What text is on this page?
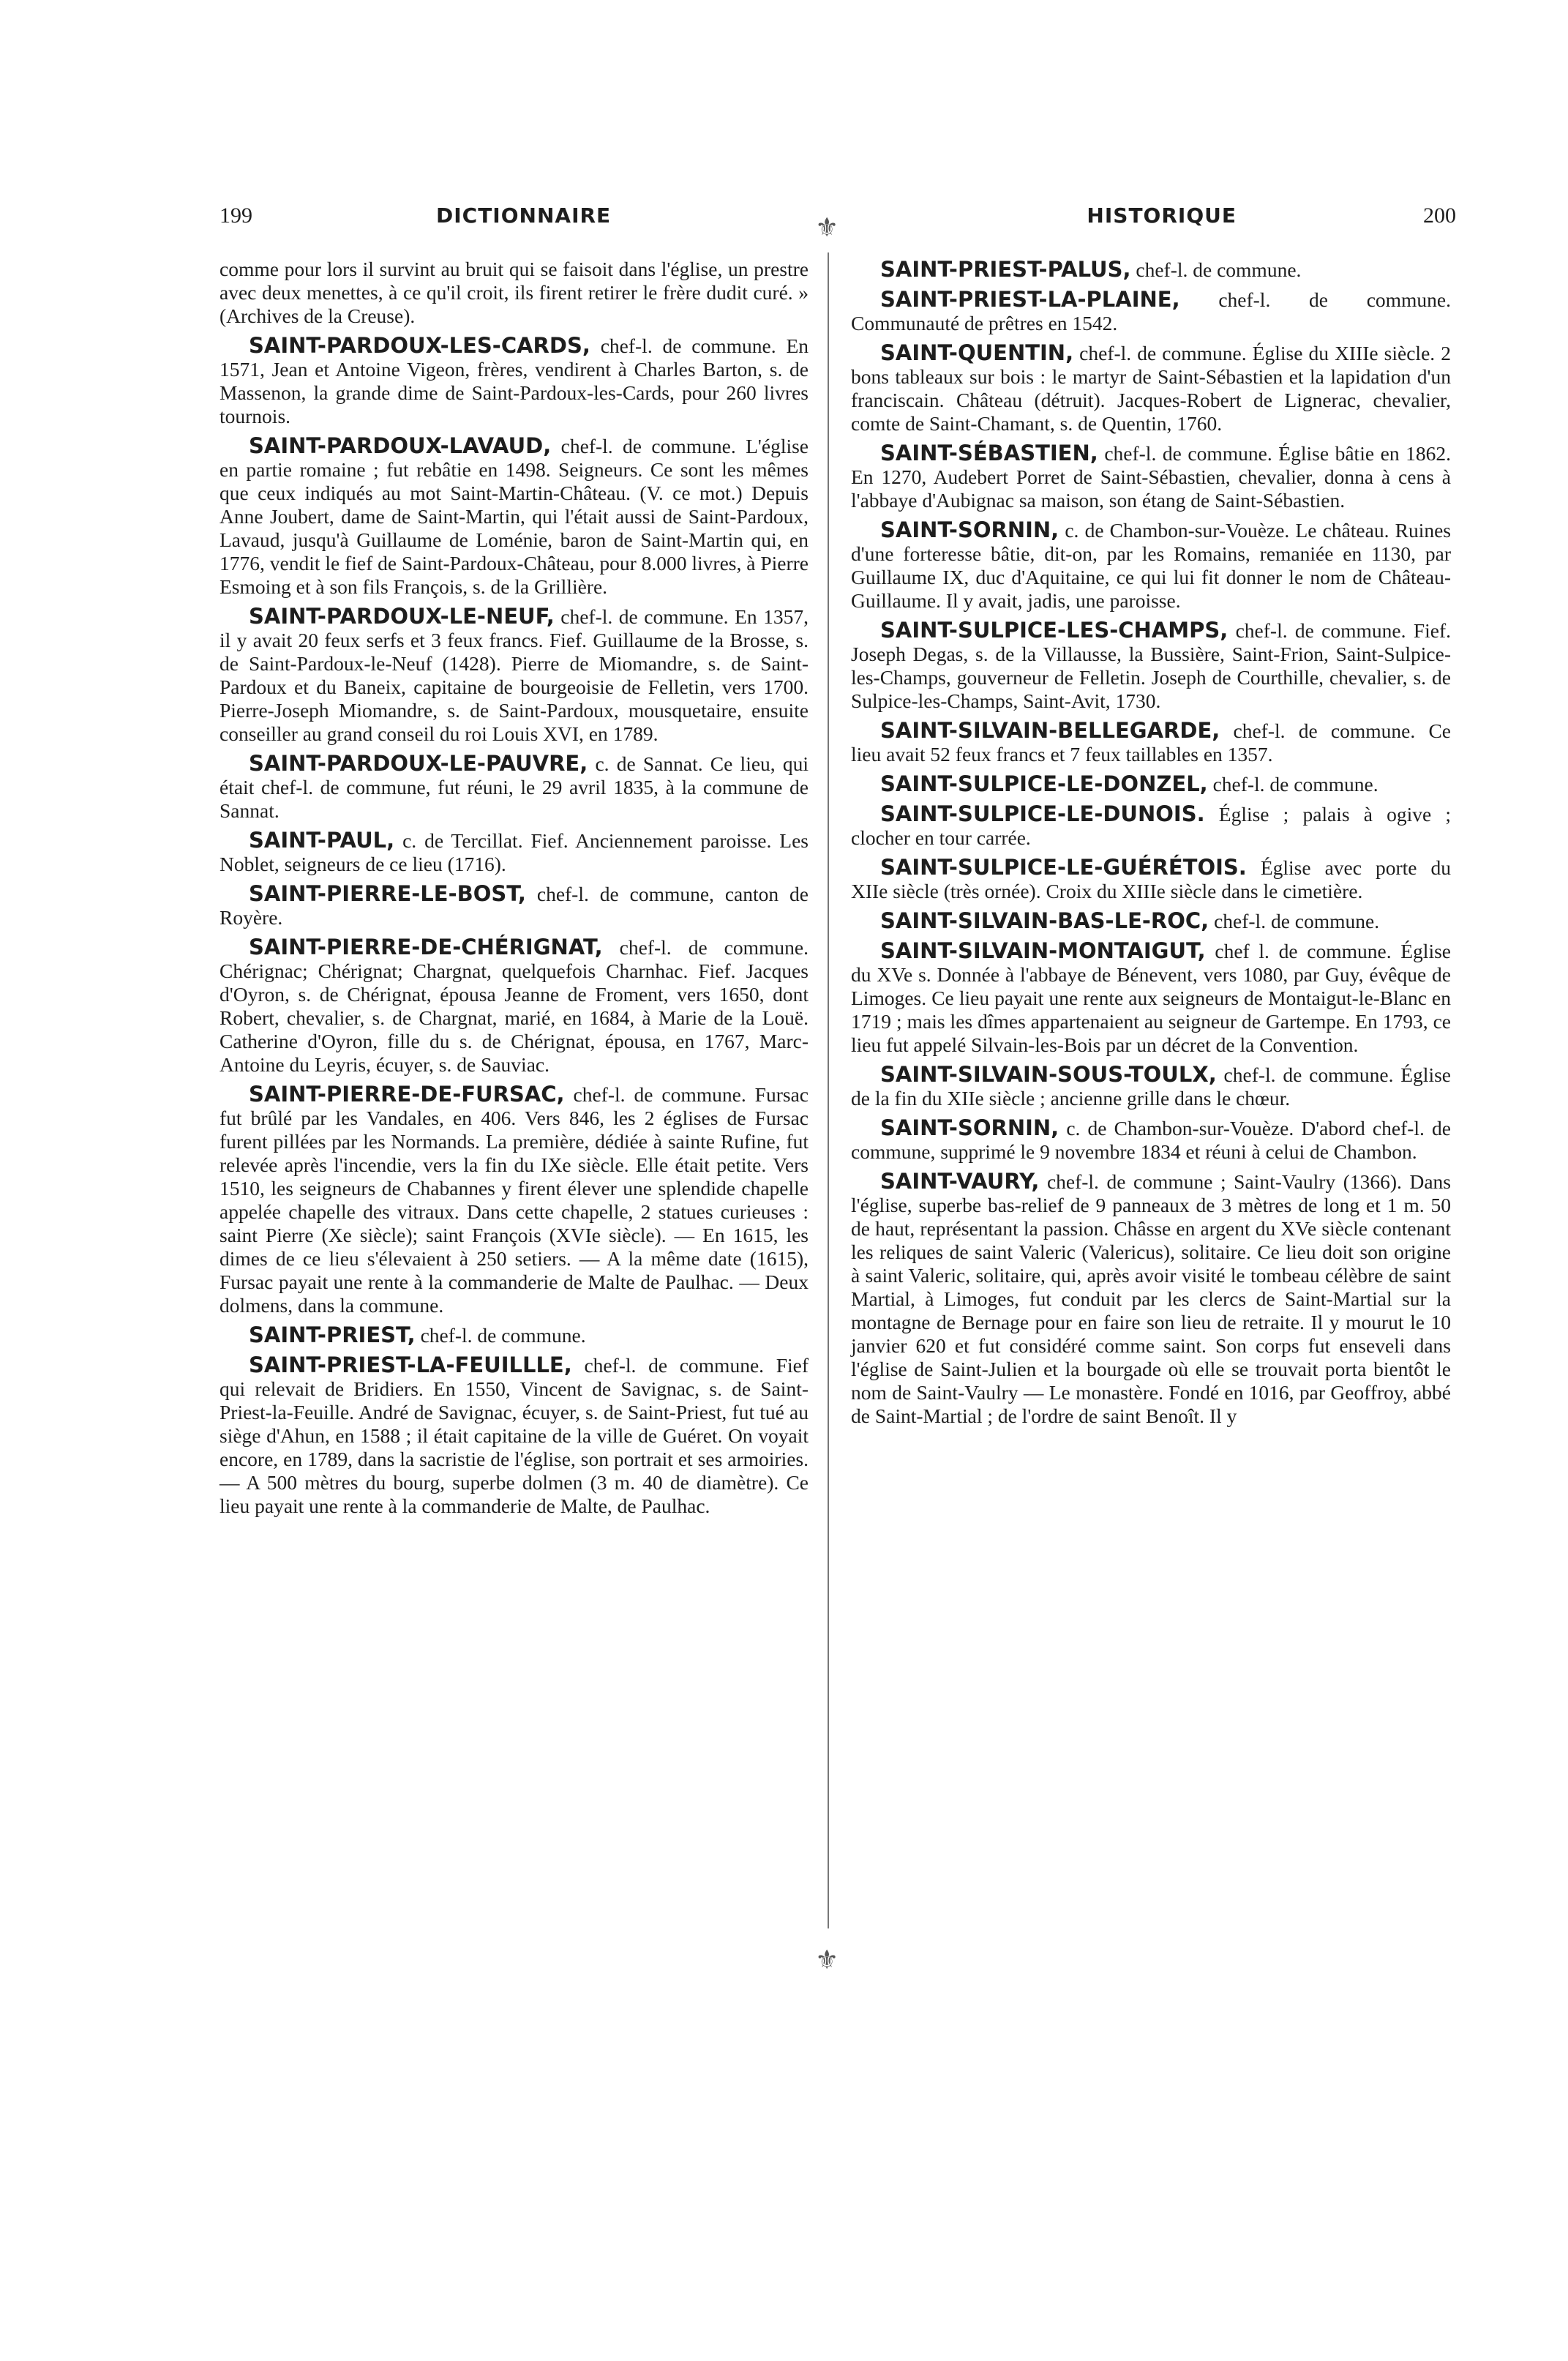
199	DICTIONNAIRE	HISTORIQUE	200
⚜
⚜

comme pour lors il survint au bruit qui se faisoit dans l'église, un prestre avec deux menettes, à ce qu'il croit, ils firent retirer le frère dudit curé. » (Archives de la Creuse).

SAINT-PARDOUX-LES-CARDS, chef-l. de commune. En 1571, Jean et Antoine Vigeon, frères, vendirent à Charles Barton, s. de Massenon, la grande dime de Saint-Pardoux-les-Cards, pour 260 livres tournois.

SAINT-PARDOUX-LAVAUD, chef-l. de commune. L'église en partie romaine ; fut rebâtie en 1498. Seigneurs. Ce sont les mêmes que ceux indiqués au mot Saint-Martin-Château. (V. ce mot.) Depuis Anne Joubert, dame de Saint-Martin, qui l'était aussi de Saint-Pardoux, Lavaud, jusqu'à Guillaume de Loménie, baron de Saint-Martin qui, en 1776, vendit le fief de Saint-Pardoux-Château, pour 8.000 livres, à Pierre Esmoing et à son fils François, s. de la Grillière.

SAINT-PARDOUX-LE-NEUF, chef-l. de commune. En 1357, il y avait 20 feux serfs et 3 feux francs. Fief. Guillaume de la Brosse, s. de Saint-Pardoux-le-Neuf (1428). Pierre de Miomandre, s. de Saint-Pardoux et du Baneix, capitaine de bourgeoisie de Felletin, vers 1700. Pierre-Joseph Miomandre, s. de Saint-Pardoux, mousquetaire, ensuite conseiller au grand conseil du roi Louis XVI, en 1789.

SAINT-PARDOUX-LE-PAUVRE, c. de Sannat. Ce lieu, qui était chef-l. de commune, fut réuni, le 29 avril 1835, à la commune de Sannat.

SAINT-PAUL, c. de Tercillat. Fief. Anciennement paroisse. Les Noblet, seigneurs de ce lieu (1716).

SAINT-PIERRE-LE-BOST, chef-l. de commune, canton de Royère.

SAINT-PIERRE-DE-CHÉRIGNAT, chef-l. de commune. Chérignac; Chérignat; Chargnat, quelquefois Charnhac. Fief. Jacques d'Oyron, s. de Chérignat, épousa Jeanne de Froment, vers 1650, dont Robert, chevalier, s. de Chargnat, marié, en 1684, à Marie de la Louë. Catherine d'Oyron, fille du s. de Chérignat, épousa, en 1767, Marc-Antoine du Leyris, écuyer, s. de Sauviac.

SAINT-PIERRE-DE-FURSAC, chef-l. de commune. Fursac fut brûlé par les Vandales, en 406. Vers 846, les 2 églises de Fursac furent pillées par les Normands. La première, dédiée à sainte Rufine, fut relevée après l'incendie, vers la fin du IXe siècle. Elle était petite. Vers 1510, les seigneurs de Chabannes y firent élever une splendide chapelle appelée chapelle des vitraux. Dans cette chapelle, 2 statues curieuses : saint Pierre (Xe siècle); saint François (XVIe siècle). — En 1615, les dimes de ce lieu s'élevaient à 250 setiers. — A la même date (1615), Fursac payait une rente à la commanderie de Malte de Paulhac. — Deux dolmens, dans la commune.

SAINT-PRIEST, chef-l. de commune.

SAINT-PRIEST-LA-FEUILLLE, chef-l. de commune. Fief qui relevait de Bridiers. En 1550, Vincent de Savignac, s. de Saint-Priest-la-Feuille. André de Savignac, écuyer, s. de Saint-Priest, fut tué au siège d'Ahun, en 1588 ; il était capitaine de la ville de Guéret. On voyait encore, en 1789, dans la sacristie de l'église, son portrait et ses armoiries. — A 500 mètres du bourg, superbe dolmen (3 m. 40 de diamètre). Ce lieu payait une rente à la commanderie de Malte, de Paulhac.

SAINT-PRIEST-PALUS, chef-l. de commune.

SAINT-PRIEST-LA-PLAINE, chef-l. de commune. Communauté de prêtres en 1542.

SAINT-QUENTIN, chef-l. de commune. Église du XIIIe siècle. 2 bons tableaux sur bois : le martyr de Saint-Sébastien et la lapidation d'un franciscain. Château (détruit). Jacques-Robert de Lignerac, chevalier, comte de Saint-Chamant, s. de Quentin, 1760.

SAINT-SÉBASTIEN, chef-l. de commune. Église bâtie en 1862. En 1270, Audebert Porret de Saint-Sébastien, chevalier, donna à cens à l'abbaye d'Aubignac sa maison, son étang de Saint-Sébastien.

SAINT-SORNIN, c. de Chambon-sur-Vouèze. Le château. Ruines d'une forteresse bâtie, dit-on, par les Romains, remaniée en 1130, par Guillaume IX, duc d'Aquitaine, ce qui lui fit donner le nom de Château-Guillaume. Il y avait, jadis, une paroisse.

SAINT-SULPICE-LES-CHAMPS, chef-l. de commune. Fief. Joseph Degas, s. de la Villausse, la Bussière, Saint-Frion, Saint-Sulpice-les-Champs, gouverneur de Felletin. Joseph de Courthille, chevalier, s. de Sulpice-les-Champs, Saint-Avit, 1730.

SAINT-SILVAIN-BELLEGARDE, chef-l. de commune. Ce lieu avait 52 feux francs et 7 feux taillables en 1357.

SAINT-SULPICE-LE-DONZEL, chef-l. de commune.

SAINT-SULPICE-LE-DUNOIS. Église ; palais à ogive ; clocher en tour carrée.

SAINT-SULPICE-LE-GUÉRÉTOIS. Église avec porte du XIIe siècle (très ornée). Croix du XIIIe siècle dans le cimetière.

SAINT-SILVAIN-BAS-LE-ROC, chef-l. de commune.

SAINT-SILVAIN-MONTAIGUT, chef l. de commune. Église du XVe s. Donnée à l'abbaye de Bénevent, vers 1080, par Guy, évêque de Limoges. Ce lieu payait une rente aux seigneurs de Montaigut-le-Blanc en 1719 ; mais les dîmes appartenaient au seigneur de Gartempe. En 1793, ce lieu fut appelé Silvain-les-Bois par un décret de la Convention.

SAINT-SILVAIN-SOUS-TOULX, chef-l. de commune. Église de la fin du XIIe siècle ; ancienne grille dans le chœur.

SAINT-SORNIN, c. de Chambon-sur-Vouèze. D'abord chef-l. de commune, supprimé le 9 novembre 1834 et réuni à celui de Chambon.

SAINT-VAURY, chef-l. de commune ; Saint-Vaulry (1366). Dans l'église, superbe bas-relief de 9 panneaux de 3 mètres de long et 1 m. 50 de haut, représentant la passion. Châsse en argent du XVe siècle contenant les reliques de saint Valeric (Valericus), solitaire. Ce lieu doit son origine à saint Valeric, solitaire, qui, après avoir visité le tombeau célèbre de saint Martial, à Limoges, fut conduit par les clercs de Saint-Martial sur la montagne de Bernage pour en faire son lieu de retraite. Il y mourut le 10 janvier 620 et fut considéré comme saint. Son corps fut enseveli dans l'église de Saint-Julien et la bourgade où elle se trouvait porta bientôt le nom de Saint-Vaulry — Le monastère. Fondé en 1016, par Geoffroy, abbé de Saint-Martial ; de l'ordre de saint Benoît. Il y
